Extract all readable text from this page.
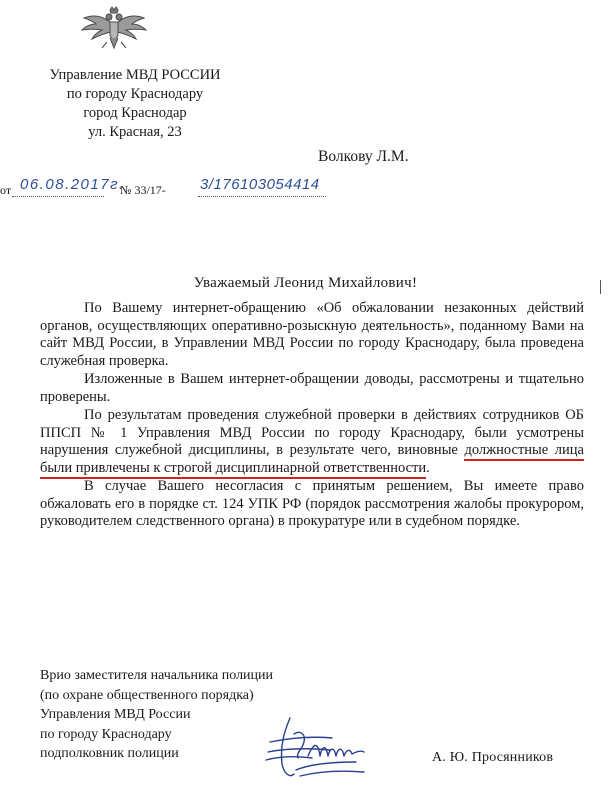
Управление МВД РОССИИ
по городу Краснодару
город Краснодар
ул. Красная, 23
Волкову Л.М.
от 06.08.2017г.
№ 33/17- 3/176103054414
Уважаемый Леонид Михайлович!

По Вашему интернет-обращению «Об обжаловании незаконных действий органов, осуществляющих оперативно-розыскную деятельность», поданному Вами на сайт МВД России, в Управлении МВД России по городу Краснодару, была проведена служебная проверка.

Изложенные в Вашем интернет-обращении доводы, рассмотрены и тщательно проверены.

По результатам проведения служебной проверки в действиях сотрудников ОБ ППСП № 1 Управления МВД России по городу Краснодару, были усмотрены нарушения служебной дисциплины, в результате чего, виновные должностные лица были привлечены к строгой дисциплинарной ответственности.

В случае Вашего несогласия с принятым решением, Вы имеете право обжаловать его в порядке ст. 124 УПК РФ (порядок рассмотрения жалобы прокурором, руководителем следственного органа) в прокуратуре или в судебном порядке.

Врио заместителя начальника полиции
(по охране общественного порядка)
Управления МВД России
по городу Краснодару
подполковник полиции	А. Ю. Просянников
